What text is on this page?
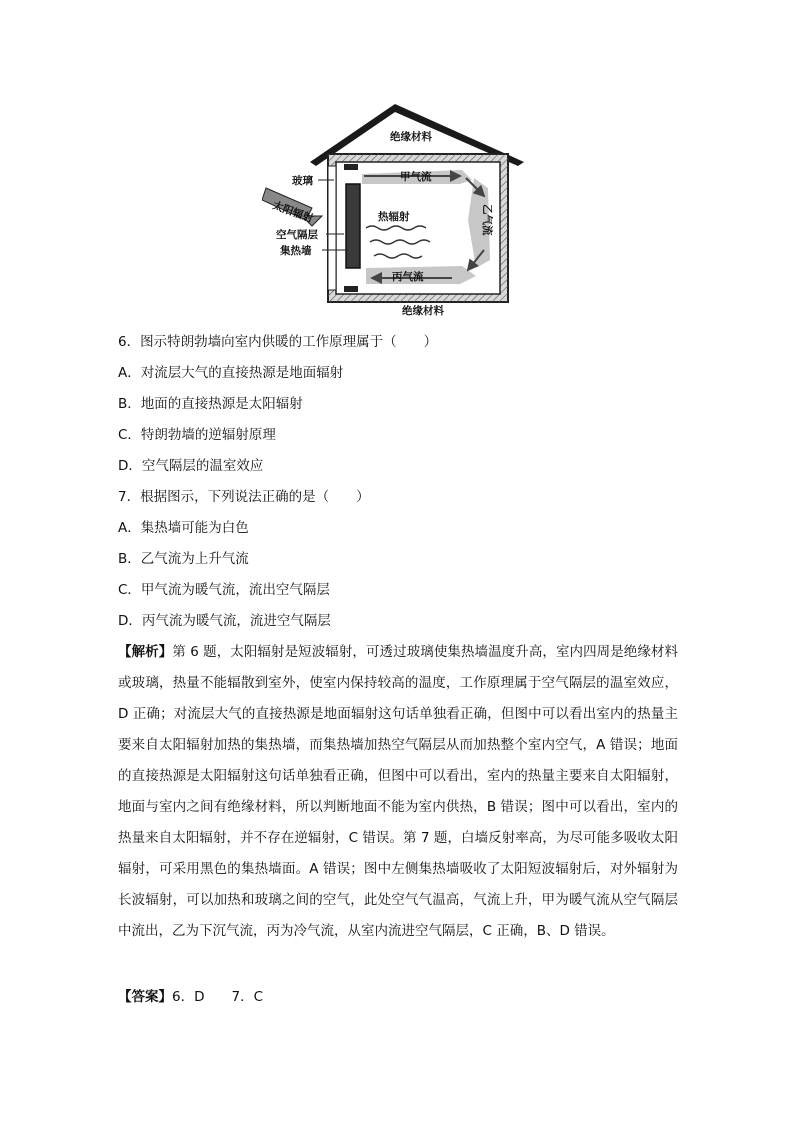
绝缘材料
绝缘材料
玻璃
太阳辐射
空气隔层
集热墙
热辐射
甲气流
乙气流
丙气流
6．图示特朗勃墙向室内供暖的工作原理属于（　　）
A．对流层大气的直接热源是地面辐射
B．地面的直接热源是太阳辐射
C．特朗勃墙的逆辐射原理
D．空气隔层的温室效应
7．根据图示，下列说法正确的是（　　）
A．集热墙可能为白色
B．乙气流为上升气流
C．甲气流为暖气流，流出空气隔层
D．丙气流为暖气流，流进空气隔层
【解析】第 6 题，太阳辐射是短波辐射，可透过玻璃使集热墙温度升高，室内四周是绝缘材料或玻璃，热量不能辐散到室外，使室内保持较高的温度，工作原理属于空气隔层的温室效应，D 正确；对流层大气的直接热源是地面辐射这句话单独看正确，但图中可以看出室内的热量主要来自太阳辐射加热的集热墙，而集热墙加热空气隔层从而加热整个室内空气，A 错误；地面的直接热源是太阳辐射这句话单独看正确，但图中可以看出，室内的热量主要来自太阳辐射，地面与室内之间有绝缘材料，所以判断地面不能为室内供热，B 错误；图中可以看出，室内的热量来自太阳辐射，并不存在逆辐射，C 错误。第 7 题，白墙反射率高，为尽可能多吸收太阳辐射，可采用黑色的集热墙面。A 错误；图中左侧集热墙吸收了太阳短波辐射后，对外辐射为长波辐射，可以加热和玻璃之间的空气，此处空气气温高，气流上升，甲为暖气流从空气隔层中流出，乙为下沉气流，丙为冷气流，从室内流进空气隔层，C 正确，B、D 错误。
【答案】6．D　　7．C
